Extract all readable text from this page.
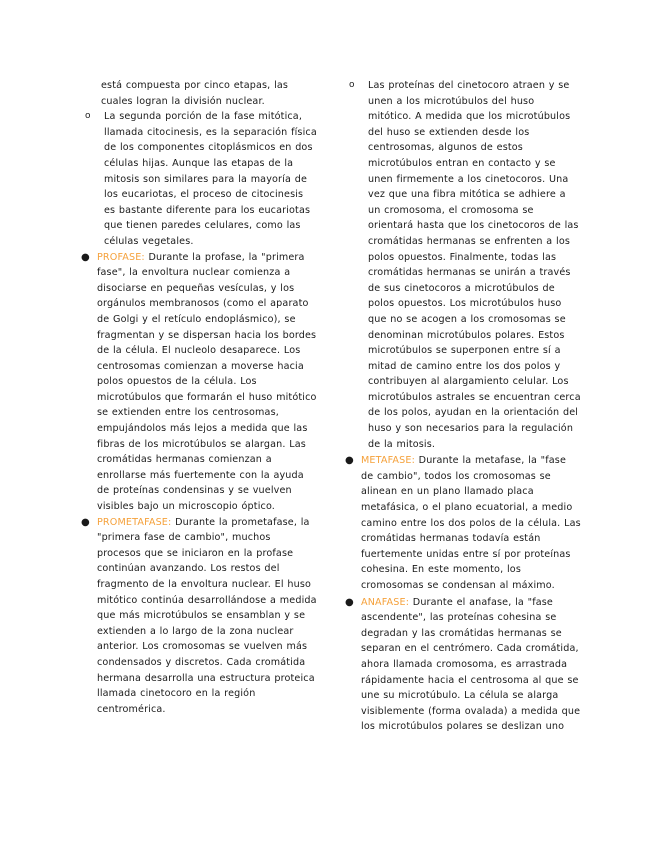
está compuesta por cinco etapas, las cuales logran la división nuclear.

o La segunda porción de la fase mitótica, llamada citocinesis, es la separación física de los componentes citoplásmicos en dos células hijas. Aunque las etapas de la mitosis son similares para la mayoría de los eucariotas, el proceso de citocinesis es bastante diferente para los eucariotas que tienen paredes celulares, como las células vegetales.
● PROFASE: Durante la profase, la "primera fase", la envoltura nuclear comienza a disociarse en pequeñas vesículas, y los orgánulos membranosos (como el aparato de Golgi y el retículo endoplásmico), se fragmentan y se dispersan hacia los bordes de la célula. El nucleolo desaparece. Los centrosomas comienzan a moverse hacia polos opuestos de la célula. Los microtúbulos que formarán el huso mitótico se extienden entre los centrosomas, empujándolos más lejos a medida que las fibras de los microtúbulos se alargan. Las cromátidas hermanas comienzan a enrollarse más fuertemente con la ayuda de proteínas condensinas y se vuelven visibles bajo un microscopio óptico.
● PROMETAFASE: Durante la prometafase, la "primera fase de cambio", muchos procesos que se iniciaron en la profase continúan avanzando. Los restos del fragmento de la envoltura nuclear. El huso mitótico continúa desarrollándose a medida que más microtúbulos se ensamblan y se extienden a lo largo de la zona nuclear anterior. Los cromosomas se vuelven más condensados y discretos. Cada cromátida hermana desarrolla una estructura proteica llamada cinetocoro en la región centromérica.
o Las proteínas del cinetocoro atraen y se unen a los microtúbulos del huso mitótico. A medida que los microtúbulos del huso se extienden desde los centrosomas, algunos de estos microtúbulos entran en contacto y se unen firmemente a los cinetocoros. Una vez que una fibra mitótica se adhiere a un cromosoma, el cromosoma se orientará hasta que los cinetocoros de las cromátidas hermanas se enfrenten a los polos opuestos. Finalmente, todas las cromátidas hermanas se unirán a través de sus cinetocoros a microtúbulos de polos opuestos. Los microtúbulos huso que no se acogen a los cromosomas se denominan microtúbulos polares. Estos microtúbulos se superponen entre sí a mitad de camino entre los dos polos y contribuyen al alargamiento celular. Los microtúbulos astrales se encuentran cerca de los polos, ayudan en la orientación del huso y son necesarios para la regulación de la mitosis.
● METAFASE: Durante la metafase, la "fase de cambio", todos los cromosomas se alinean en un plano llamado placa metafásica, o el plano ecuatorial, a medio camino entre los dos polos de la célula. Las cromátidas hermanas todavía están fuertemente unidas entre sí por proteínas cohesina. En este momento, los cromosomas se condensan al máximo.
● ANAFASE: Durante el anafase, la "fase ascendente", las proteínas cohesina se degradan y las cromátidas hermanas se separan en el centrómero. Cada cromátida, ahora llamada cromosoma, es arrastrada rápidamente hacia el centrosoma al que se une su microtúbulo. La célula se alarga visiblemente (forma ovalada) a medida que los microtúbulos polares se deslizan uno
